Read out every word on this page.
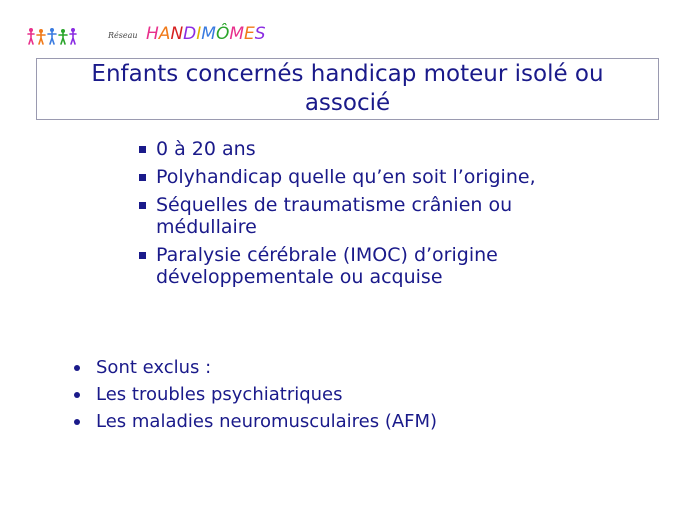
Réseau HANDIMÔMES
Enfants concernés handicap moteur isolé ou
associé
0 à 20 ans
Polyhandicap quelle qu’en soit l’origine,
Séquelles de traumatisme crânien ou
médullaire
Paralysie cérébrale (IMOC) d’origine
développementale ou acquise
Sont exclus :
Les troubles psychiatriques
Les maladies neuromusculaires (AFM)
